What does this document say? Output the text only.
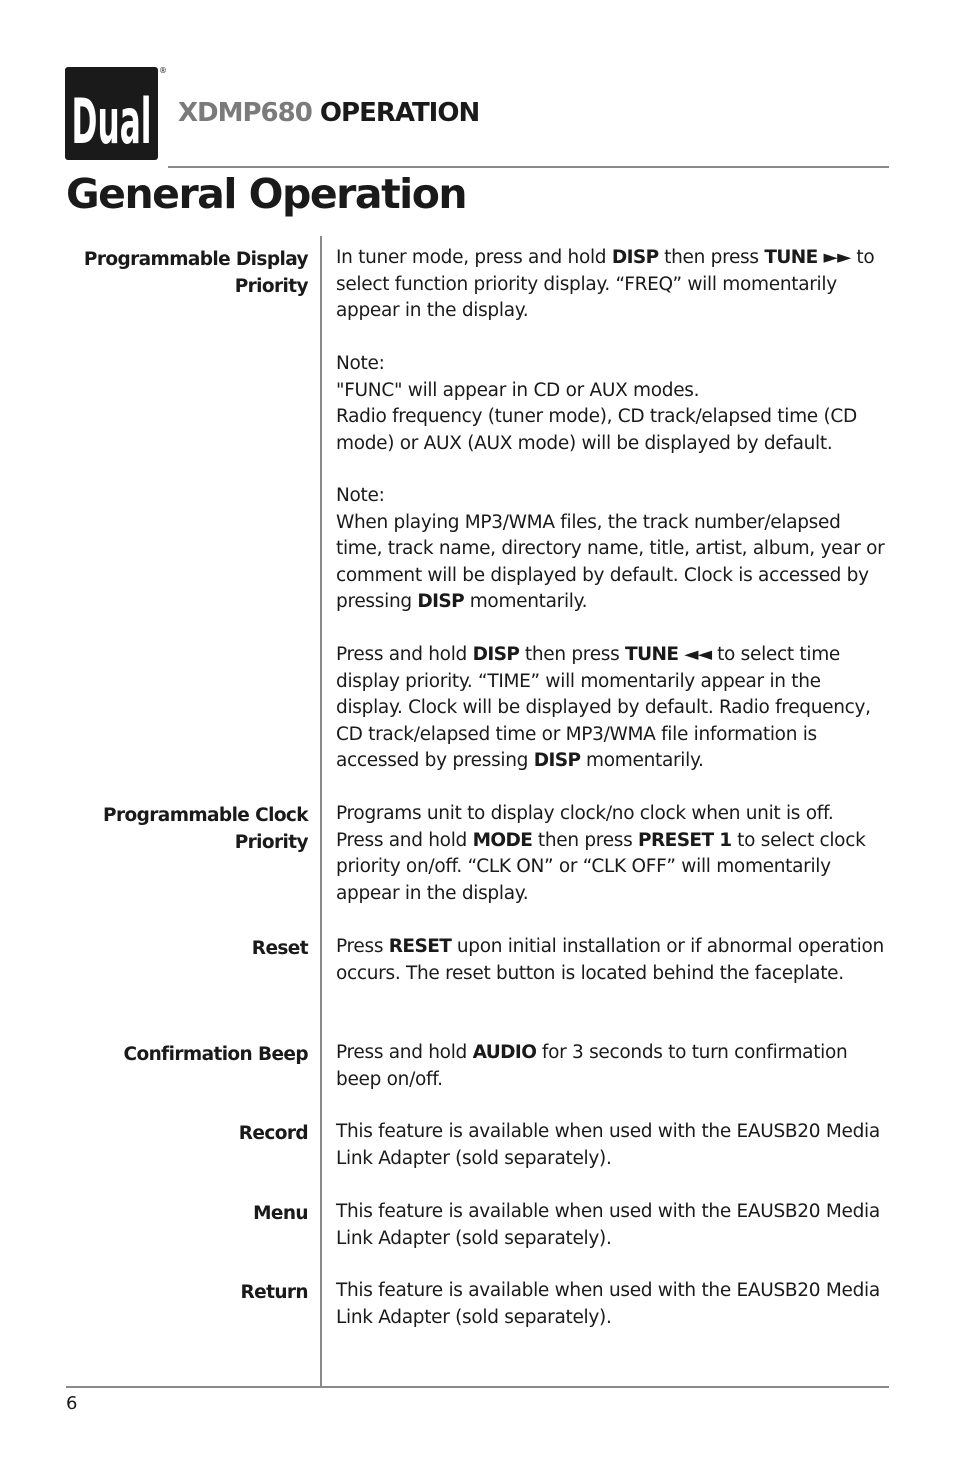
Dual
®
XDMP680 OPERATION
General Operation
Programmable Display
Priority
Programmable Clock
Priority
Reset
Confirmation Beep
Record
Menu
Return

In tuner mode, press and hold DISP then press TUNE ►► to select function priority display. “FREQ” will momentarily appear in the display.

Note:

"FUNC" will appear in CD or AUX modes.

Radio frequency (tuner mode), CD track/elapsed time (CD mode) or AUX (AUX mode) will be displayed by default.

Note:

When playing MP3/WMA files, the track number/elapsed time, track name, directory name, title, artist, album, year or comment will be displayed by default. Clock is accessed by pressing DISP momentarily.

Press and hold DISP then press TUNE ◄◄ to select time display priority. “TIME” will momentarily appear in the display. Clock will be displayed by default. Radio frequency, CD track/elapsed time or MP3/WMA file information is accessed by pressing DISP momentarily.

Programs unit to display clock/no clock when unit is off. Press and hold MODE then press PRESET 1 to select clock priority on/off. “CLK ON” or “CLK OFF” will momentarily appear in the display.

Press RESET upon initial installation or if abnormal operation occurs. The reset button is located behind the faceplate.

Press and hold AUDIO for 3 seconds to turn confirmation beep on/off.

This feature is available when used with the EAUSB20 Media Link Adapter (sold separately).
This feature is available when used with the EAUSB20 Media Link Adapter (sold separately).
This feature is available when used with the EAUSB20 Media Link Adapter (sold separately).
6
